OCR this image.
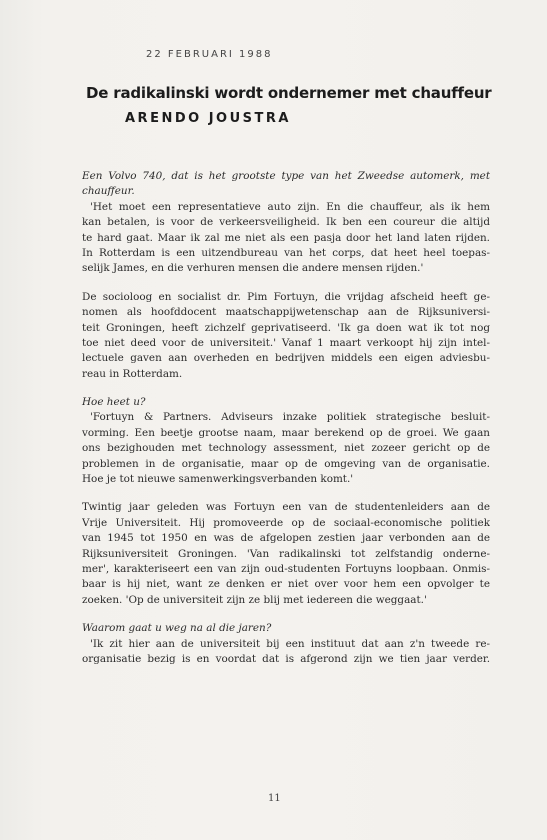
22 FEBRUARI 1988
De radikalinski wordt ondernemer met chauffeur
ARENDO JOUSTRA
Een Volvo 740, dat is het grootste type van het Zweedse automerk, met
chauffeur.
'Het moet een representatieve auto zijn. En die chauffeur, als ik hem
kan betalen, is voor de verkeersveiligheid. Ik ben een coureur die altijd
te hard gaat. Maar ik zal me niet als een pasja door het land laten rijden.
In Rotterdam is een uitzendbureau van het corps, dat heet heel toepas-
selijk James, en die verhuren mensen die andere mensen rijden.'
De socioloog en socialist dr. Pim Fortuyn, die vrijdag afscheid heeft ge-
nomen als hoofddocent maatschappijwetenschap aan de Rijksuniversi-
teit Groningen, heeft zichzelf geprivatiseerd. 'Ik ga doen wat ik tot nog
toe niet deed voor de universiteit.' Vanaf 1 maart verkoopt hij zijn intel-
lectuele gaven aan overheden en bedrijven middels een eigen adviesbu-
reau in Rotterdam.
Hoe heet u?
'Fortuyn & Partners. Adviseurs inzake politiek strategische besluit-
vorming. Een beetje grootse naam, maar berekend op de groei. We gaan
ons bezighouden met technology assessment, niet zozeer gericht op de
problemen in de organisatie, maar op de omgeving van de organisatie.
Hoe je tot nieuwe samenwerkingsverbanden komt.'
Twintig jaar geleden was Fortuyn een van de studentenleiders aan de
Vrije Universiteit. Hij promoveerde op de sociaal-economische politiek
van 1945 tot 1950 en was de afgelopen zestien jaar verbonden aan de
Rijksuniversiteit Groningen. 'Van radikalinski tot zelfstandig onderne-
mer', karakteriseert een van zijn oud-studenten Fortuyns loopbaan. Onmis-
baar is hij niet, want ze denken er niet over voor hem een opvolger te
zoeken. 'Op de universiteit zijn ze blij met iedereen die weggaat.'
Waarom gaat u weg na al die jaren?
'Ik zit hier aan de universiteit bij een instituut dat aan z'n tweede re-
organisatie bezig is en voordat dat is afgerond zijn we tien jaar verder.
11
